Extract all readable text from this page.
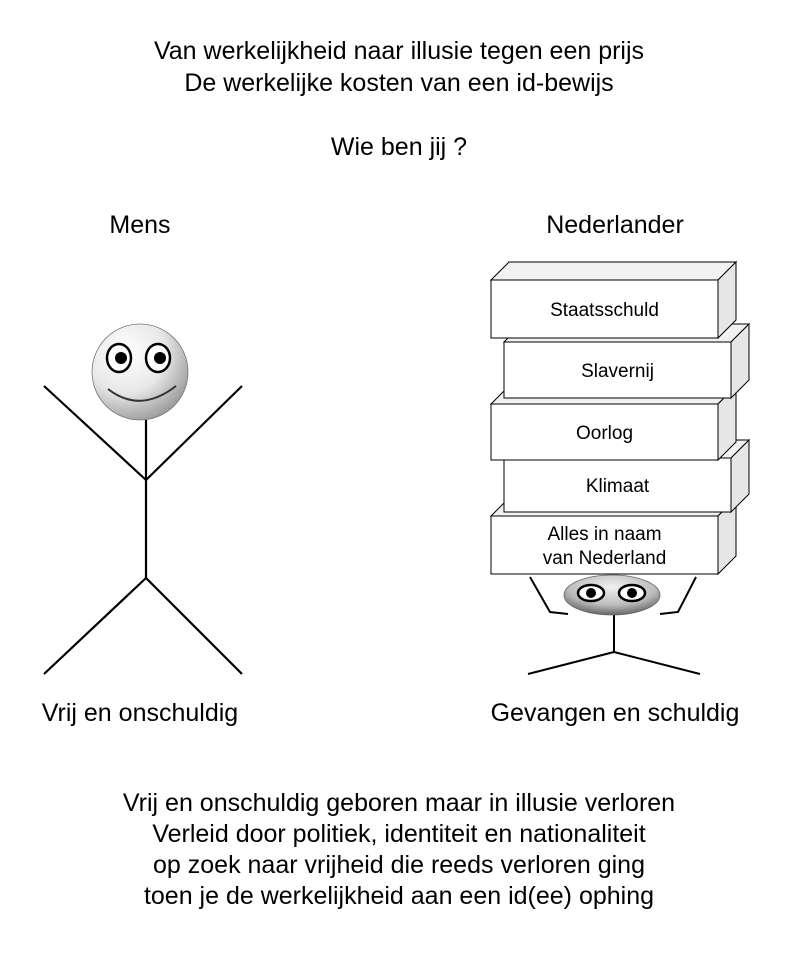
Van werkelijkheid naar illusie tegen een prijs

De werkelijke kosten van een id-bewijs

Wie ben jij ?

Mens	Nederlander
Alles in naam
van Nederland
Klimaat
Oorlog
Slavernij
Staatsschuld
Vrij en onschuldig	Gevangen en schuldig
Vrij en onschuldig geboren maar in illusie verloren
Verleid door politiek, identiteit en nationaliteit
op zoek naar vrijheid die reeds verloren ging
toen je de werkelijkheid aan een id(ee) ophing
